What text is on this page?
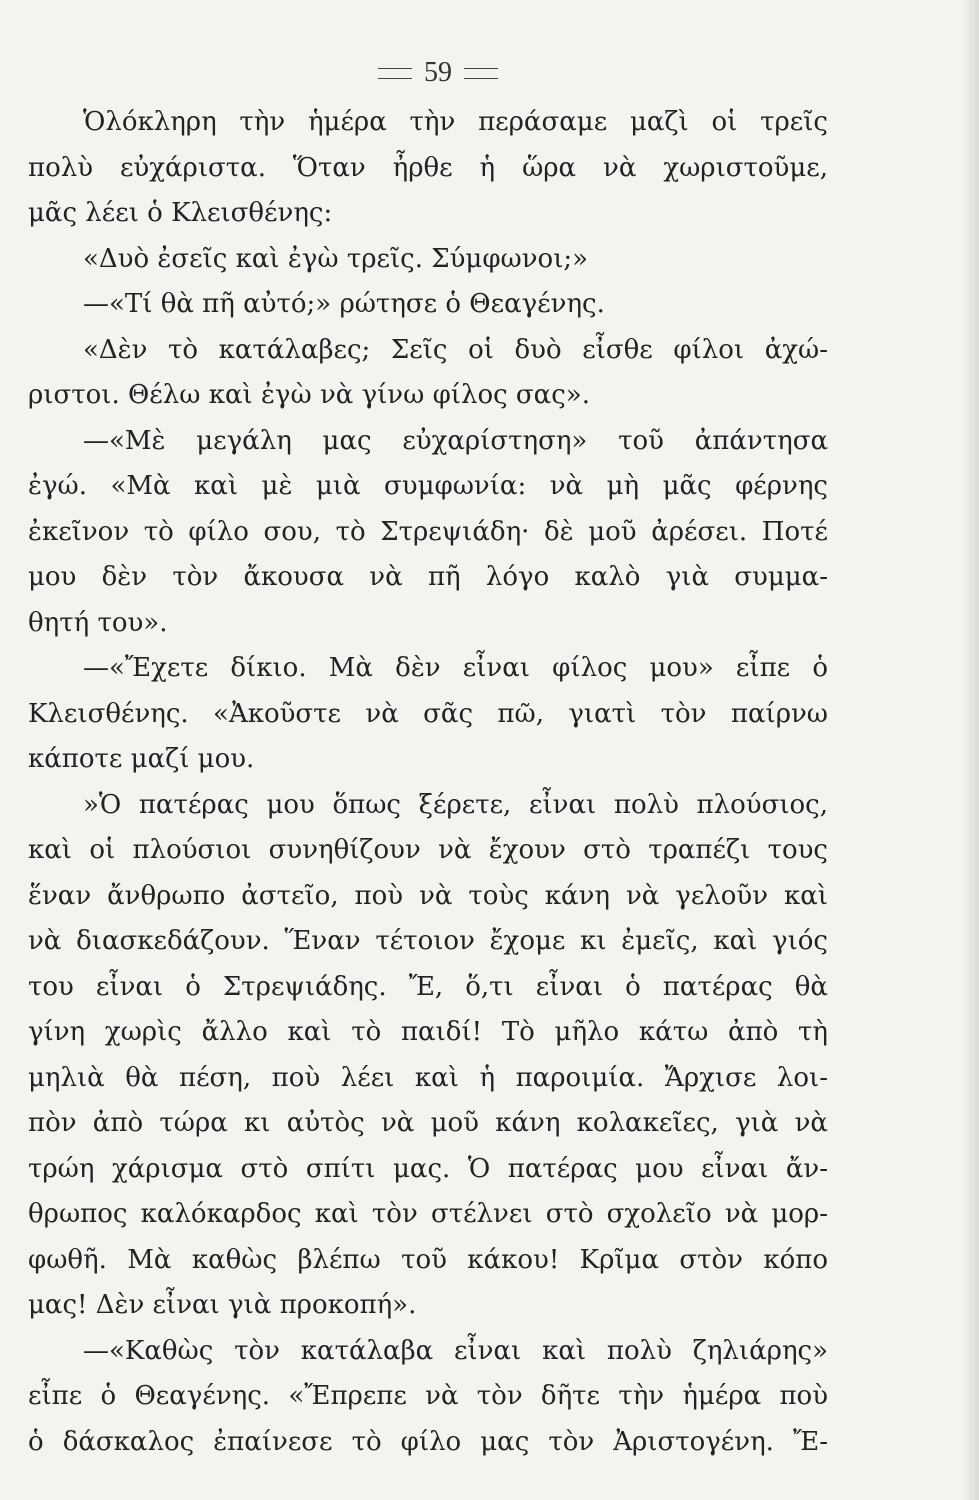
59
Ὁλόκληρη τὴν ἡμέρα τὴν περάσαμε μαζὶ οἱ τρεῖς
πολὺ εὐχάριστα. Ὅταν ἦρθε ἡ ὥρα νὰ χωριστοῦμε,
μᾶς λέει ὁ Κλεισθένης:
«Δυὸ ἐσεῖς καὶ ἐγὼ τρεῖς. Σύμφωνοι;»
—«Τί θὰ πῆ αὐτό;» ρώτησε ὁ Θεαγένης.
«Δὲν τὸ κατάλαβες; Σεῖς οἱ δυὸ εἶσθε φίλοι ἀχώ-
ριστοι. Θέλω καὶ ἐγὼ νὰ γίνω φίλος σας».
—«Μὲ μεγάλη μας εὐχαρίστηση» τοῦ ἀπάντησα
ἐγώ. «Μὰ καὶ μὲ μιὰ συμφωνία: νὰ μὴ μᾶς φέρνης
ἐκεῖνον τὸ φίλο σου, τὸ Στρεψιάδη· δὲ μοῦ ἀρέσει. Ποτέ
μου δὲν τὸν ἄκουσα νὰ πῆ λόγο καλὸ γιὰ συμμα-
θητή του».
—«Ἔχετε δίκιο. Μὰ δὲν εἶναι φίλος μου» εἶπε ὁ
Κλεισθένης. «Ἀκοῦστε νὰ σᾶς πῶ, γιατὶ τὸν παίρνω
κάποτε μαζί μου.
»Ὁ πατέρας μου ὅπως ξέρετε, εἶναι πολὺ πλούσιος,
καὶ οἱ πλούσιοι συνηθίζουν νὰ ἔχουν στὸ τραπέζι τους
ἕναν ἄνθρωπο ἀστεῖο, ποὺ νὰ τοὺς κάνη νὰ γελοῦν καὶ
νὰ διασκεδάζουν. Ἕναν τέτοιον ἔχομε κι ἐμεῖς, καὶ γιός
του εἶναι ὁ Στρεψιάδης. Ἔ, ὅ,τι εἶναι ὁ πατέρας θὰ
γίνη χωρὶς ἄλλο καὶ τὸ παιδί! Τὸ μῆλο κάτω ἀπὸ τὴ
μηλιὰ θὰ πέση, ποὺ λέει καὶ ἡ παροιμία. Ἄρχισε λοι-
πὸν ἀπὸ τώρα κι αὐτὸς νὰ μοῦ κάνη κολακεῖες, γιὰ νὰ
τρώη χάρισμα στὸ σπίτι μας. Ὁ πατέρας μου εἶναι ἄν-
θρωπος καλόκαρδος καὶ τὸν στέλνει στὸ σχολεῖο νὰ μορ-
φωθῆ. Μὰ καθὼς βλέπω τοῦ κάκου! Κρῖμα στὸν κόπο
μας! Δὲν εἶναι γιὰ προκοπή».
—«Καθὼς τὸν κατάλαβα εἶναι καὶ πολὺ ζηλιάρης»
εἶπε ὁ Θεαγένης. «Ἔπρεπε νὰ τὸν δῆτε τὴν ἡμέρα ποὺ
ὁ δάσκαλος ἐπαίνεσε τὸ φίλο μας τὸν Ἀριστογένη. Ἔ-
